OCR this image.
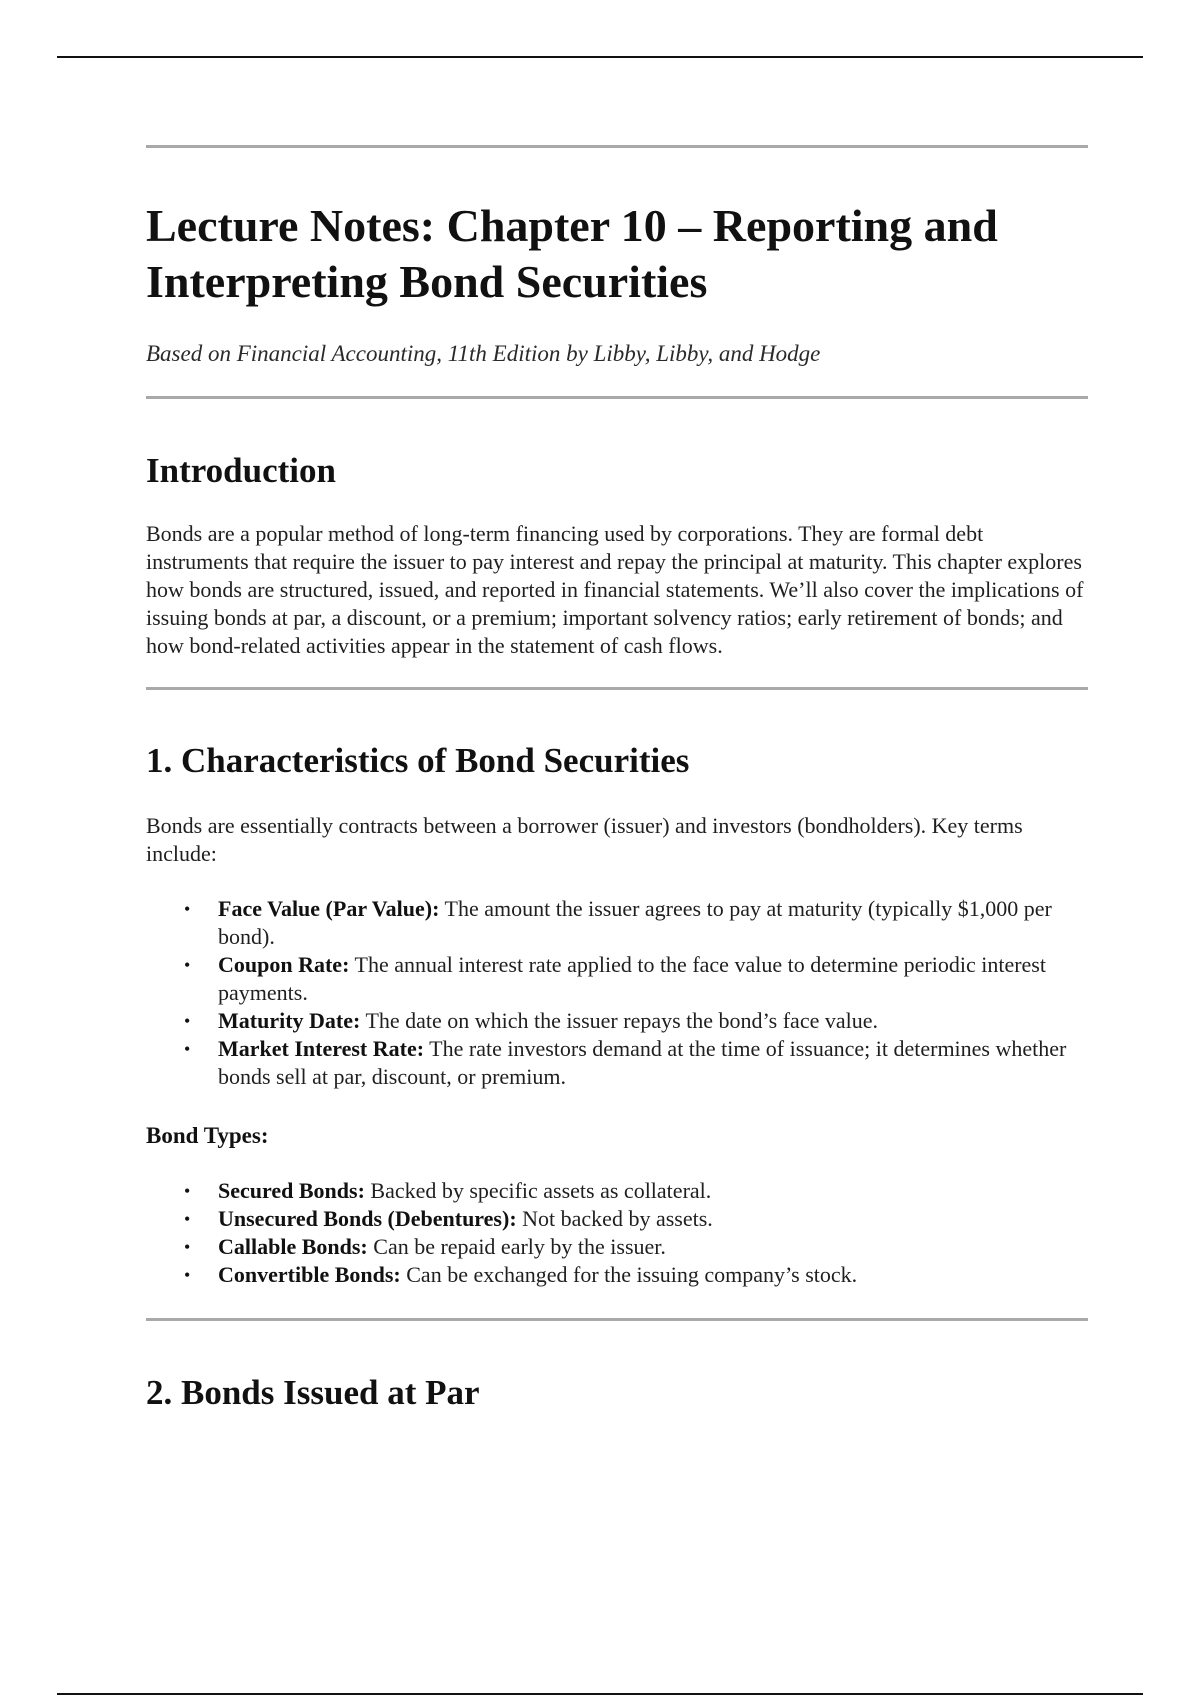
Lecture Notes: Chapter 10 – Reporting and Interpreting Bond Securities

Based on Financial Accounting, 11th Edition by Libby, Libby, and Hodge

Introduction

Bonds are a popular method of long-term financing used by corporations. They are formal debt instruments that require the issuer to pay interest and repay the principal at maturity. This chapter explores how bonds are structured, issued, and reported in financial statements. We’ll also cover the implications of issuing bonds at par, a discount, or a premium; important solvency ratios; early retirement of bonds; and how bond-related activities appear in the statement of cash flows.

1. Characteristics of Bond Securities

Bonds are essentially contracts between a borrower (issuer) and investors (bondholders). Key terms include:

• Face Value (Par Value): The amount the issuer agrees to pay at maturity (typically $1,000 per bond).
• Coupon Rate: The annual interest rate applied to the face value to determine periodic interest payments.
• Maturity Date: The date on which the issuer repays the bond’s face value.
• Market Interest Rate: The rate investors demand at the time of issuance; it determines whether bonds sell at par, discount, or premium.

Bond Types:

• Secured Bonds: Backed by specific assets as collateral.
• Unsecured Bonds (Debentures): Not backed by assets.
• Callable Bonds: Can be repaid early by the issuer.
• Convertible Bonds: Can be exchanged for the issuing company’s stock.
2. Bonds Issued at Par
